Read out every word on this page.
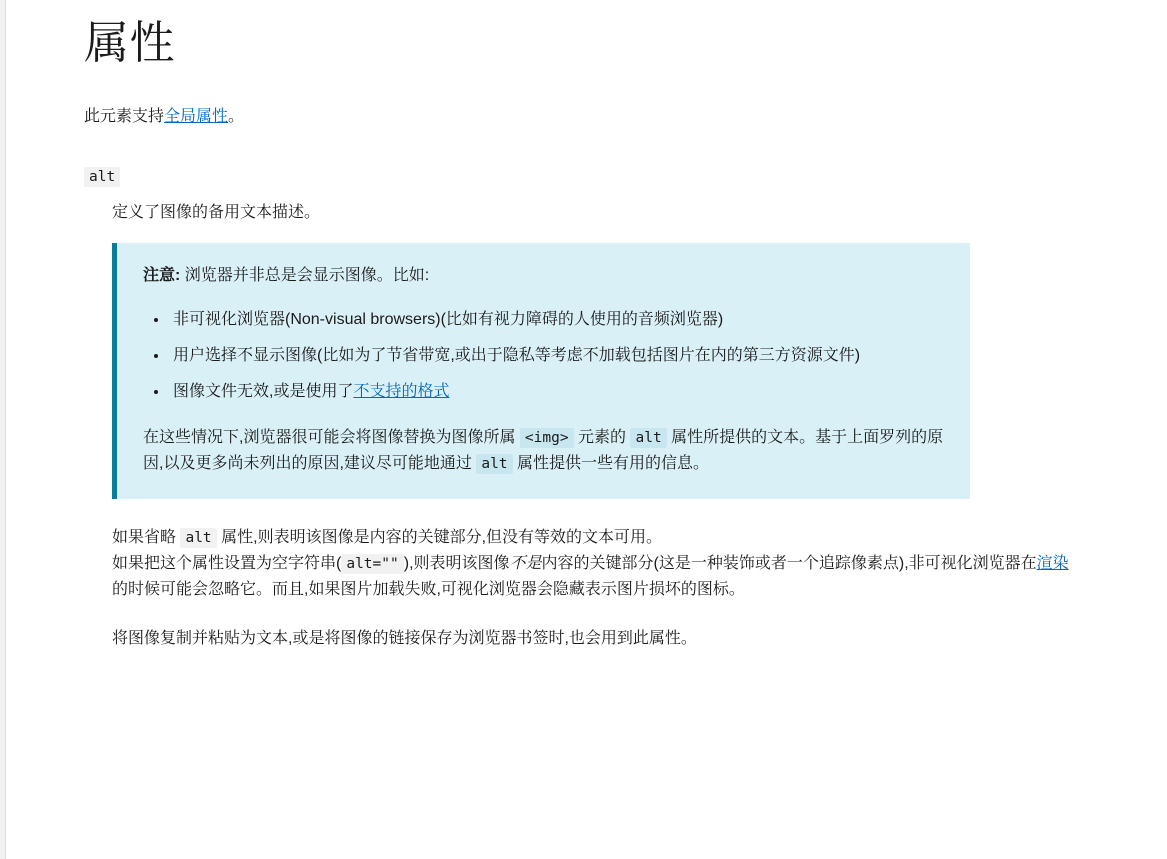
属性

此元素支持全局属性。

alt

定义了图像的备用文本描述。

注意: 浏览器并非总是会显示图像。比如:

• 非可视化浏览器(Non-visual browsers)(比如有视力障碍的人使用的音频浏览器)
• 用户选择不显示图像(比如为了节省带宽,或出于隐私等考虑不加载包括图片在内的第三方资源文件)
• 图像文件无效,或是使用了不支持的格式

在这些情况下,浏览器很可能会将图像替换为图像所属 <img> 元素的 alt 属性所提供的文本。基于上面罗列的原因,以及更多尚未列出的原因,建议尽可能地通过 alt 属性提供一些有用的信息。

如果省略 alt 属性,则表明该图像是内容的关键部分,但没有等效的文本可用。

如果把这个属性设置为空字符串( alt="" ),则表明该图像不是内容的关键部分(这是一种装饰或者一个追踪像素点),非可视化浏览器在渲染的时候可能会忽略它。而且,如果图片加载失败,可视化浏览器会隐藏表示图片损坏的图标。

将图像复制并粘贴为文本,或是将图像的链接保存为浏览器书签时,也会用到此属性。
